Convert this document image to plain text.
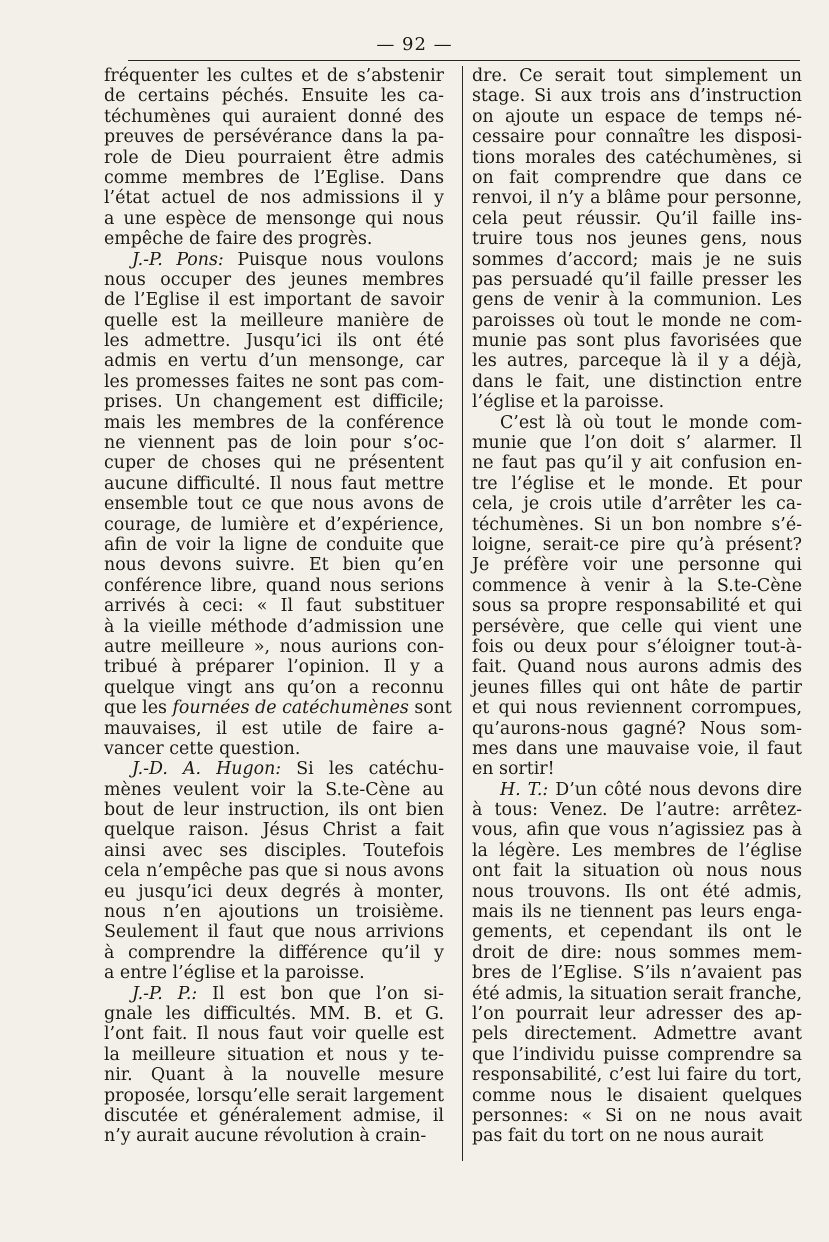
— 92 —
fréquenter les cultes et de s’abstenir
de certains péchés. Ensuite les ca-
téchumènes qui auraient donné des
preuves de persévérance dans la pa-
role de Dieu pourraient être admis
comme membres de l’Eglise. Dans
l’état actuel de nos admissions il y
a une espèce de mensonge qui nous
empêche de faire des progrès.
J.-P. Pons: Puisque nous voulons
nous occuper des jeunes membres
de l’Eglise il est important de savoir
quelle est la meilleure manière de
les admettre. Jusqu’ici ils ont été
admis en vertu d’un mensonge, car
les promesses faites ne sont pas com-
prises. Un changement est difficile;
mais les membres de la conférence
ne viennent pas de loin pour s’oc-
cuper de choses qui ne présentent
aucune difficulté. Il nous faut mettre
ensemble tout ce que nous avons de
courage, de lumière et d’expérience,
afin de voir la ligne de conduite que
nous devons suivre. Et bien qu’en
conférence libre, quand nous serions
arrivés à ceci: « Il faut substituer
à la vieille méthode d’admission une
autre meilleure », nous aurions con-
tribué à préparer l’opinion. Il y a
quelque vingt ans qu’on a reconnu
que les fournées de catéchumènes sont
mauvaises, il est utile de faire a-
vancer cette question.
J.-D. A. Hugon: Si les catéchu-
mènes veulent voir la S.te-Cène au
bout de leur instruction, ils ont bien
quelque raison. Jésus Christ a fait
ainsi avec ses disciples. Toutefois
cela n’empêche pas que si nous avons
eu jusqu’ici deux degrés à monter,
nous n’en ajoutions un troisième.
Seulement il faut que nous arrivions
à comprendre la différence qu’il y
a entre l’église et la paroisse.
J.-P. P.: Il est bon que l’on si-
gnale les difficultés. MM. B. et G.
l’ont fait. Il nous faut voir quelle est
la meilleure situation et nous y te-
nir. Quant à la nouvelle mesure
proposée, lorsqu’elle serait largement
discutée et généralement admise, il
n’y aurait aucune révolution à crain-
dre. Ce serait tout simplement un
stage. Si aux trois ans d’instruction
on ajoute un espace de temps né-
cessaire pour connaître les disposi-
tions morales des catéchumènes, si
on fait comprendre que dans ce
renvoi, il n’y a blâme pour personne,
cela peut réussir. Qu’il faille ins-
truire tous nos jeunes gens, nous
sommes d’accord; mais je ne suis
pas persuadé qu’il faille presser les
gens de venir à la communion. Les
paroisses où tout le monde ne com-
munie pas sont plus favorisées que
les autres, parceque là il y a déjà,
dans le fait, une distinction entre
l’église et la paroisse.
C’est là où tout le monde com-
munie que l’on doit s’ alarmer. Il
ne faut pas qu’il y ait confusion en-
tre l’église et le monde. Et pour
cela, je crois utile d’arrêter les ca-
téchumènes. Si un bon nombre s’é-
loigne, serait-ce pire qu’à présent?
Je préfère voir une personne qui
commence à venir à la S.te-Cène
sous sa propre responsabilité et qui
persévère, que celle qui vient une
fois ou deux pour s’éloigner tout-à-
fait. Quand nous aurons admis des
jeunes filles qui ont hâte de partir
et qui nous reviennent corrompues,
qu’aurons-nous gagné? Nous som-
mes dans une mauvaise voie, il faut
en sortir!
H. T.: D’un côté nous devons dire
à tous: Venez. De l’autre: arrêtez-
vous, afin que vous n’agissiez pas à
la légère. Les membres de l’église
ont fait la situation où nous nous
nous trouvons. Ils ont été admis,
mais ils ne tiennent pas leurs enga-
gements, et cependant ils ont le
droit de dire: nous sommes mem-
bres de l’Eglise. S’ils n’avaient pas
été admis, la situation serait franche,
l’on pourrait leur adresser des ap-
pels directement. Admettre avant
que l’individu puisse comprendre sa
responsabilité, c’est lui faire du tort,
comme nous le disaient quelques
personnes: « Si on ne nous avait
pas fait du tort on ne nous aurait
